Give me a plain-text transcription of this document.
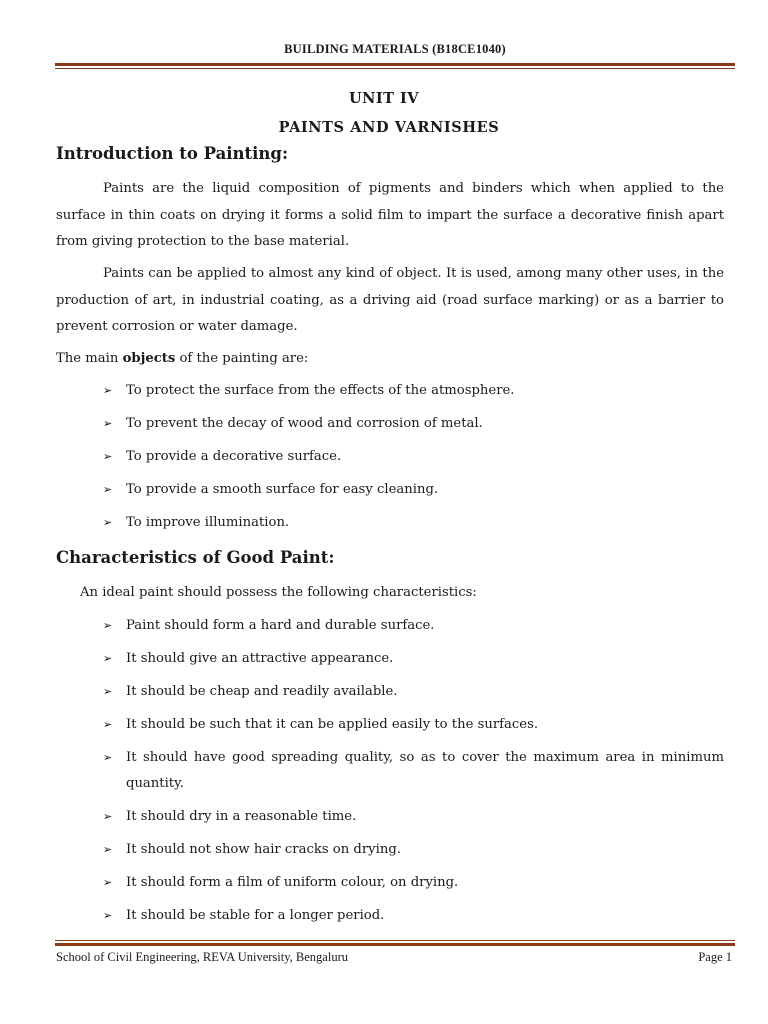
BUILDING MATERIALS (B18CE1040)
UNIT IV
PAINTS AND VARNISHES
Introduction to Painting:
Paints are the liquid composition of pigments and binders which when applied to the surface in thin coats on drying it forms a solid film to impart the surface a decorative finish apart from giving protection to the base material.
Paints can be applied to almost any kind of object. It is used, among many other uses, in the production of art, in industrial coating, as a driving aid (road surface marking) or as a barrier to prevent corrosion or water damage.
The main objects of the painting are:
➢ To protect the surface from the effects of the atmosphere.
➢ To prevent the decay of wood and corrosion of metal.
➢ To provide a decorative surface.
➢ To provide a smooth surface for easy cleaning.
➢ To improve illumination.
Characteristics of Good Paint:
An ideal paint should possess the following characteristics:
➢ Paint should form a hard and durable surface.
➢ It should give an attractive appearance.
➢ It should be cheap and readily available.
➢ It should be such that it can be applied easily to the surfaces.
➢ It should have good spreading quality, so as to cover the maximum area in minimum quantity.
➢ It should dry in a reasonable time.
➢ It should not show hair cracks on drying.
➢ It should form a film of uniform colour, on drying.
➢ It should be stable for a longer period.
School of Civil Engineering, REVA University, Bengaluru	Page 1
